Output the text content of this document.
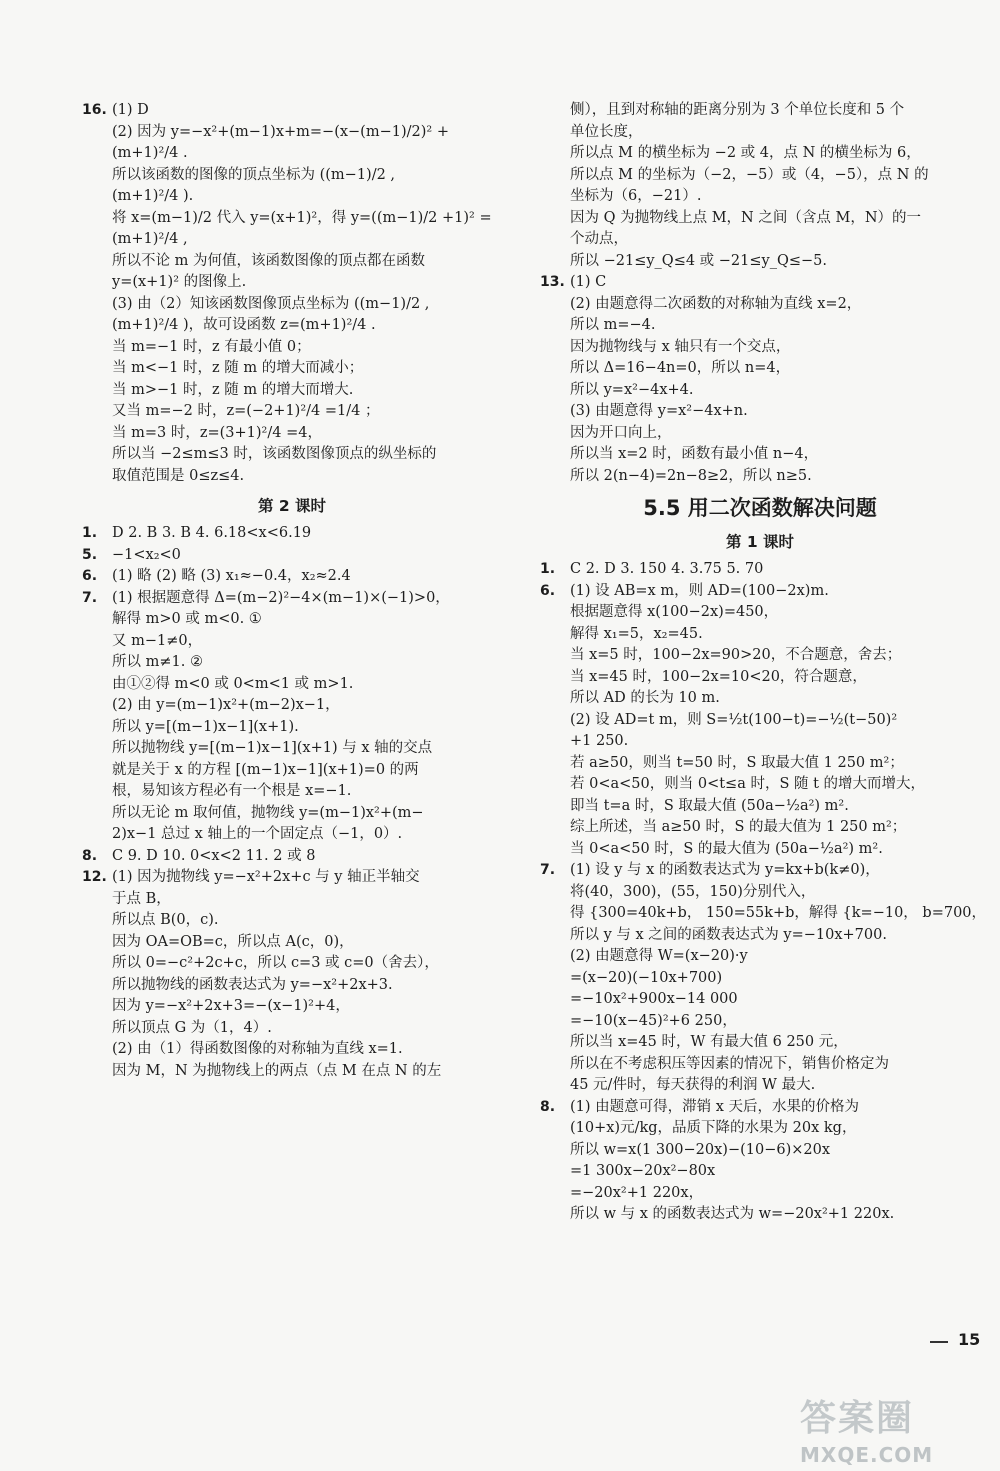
16. (1) D
(2) 因为 y=−x²+(m−1)x+m=−(x−(m−1)/2)² +
(m+1)²/4 .
所以该函数的图像的顶点坐标为 ((m−1)/2 ,
(m+1)²/4 ).
将 x=(m−1)/2 代入 y=(x+1)²，得 y=((m−1)/2 +1)² =
(m+1)²/4 ,
所以不论 m 为何值，该函数图像的顶点都在函数
y=(x+1)² 的图像上.
(3) 由（2）知该函数图像顶点坐标为 ((m−1)/2 ,
(m+1)²/4 )，故可设函数 z=(m+1)²/4 .
当 m=−1 时，z 有最小值 0；
当 m<−1 时，z 随 m 的增大而减小；
当 m>−1 时，z 随 m 的增大而增大.
又当 m=−2 时，z=(−2+1)²/4 =1/4 ；
当 m=3 时，z=(3+1)²/4 =4，
所以当 −2≤m≤3 时，该函数图像顶点的纵坐标的
取值范围是 0≤z≤4.
第 2 课时
1. D 2. B 3. B 4. 6.18<x<6.19
5. −1<x₂<0
6. (1) 略 (2) 略 (3) x₁≈−0.4，x₂≈2.4
7. (1) 根据题意得 Δ=(m−2)²−4×(m−1)×(−1)>0，
解得 m>0 或 m<0. ①
又 m−1≠0，
所以 m≠1. ②
由①②得 m<0 或 0<m<1 或 m>1.
(2) 由 y=(m−1)x²+(m−2)x−1，
所以 y=[(m−1)x−1](x+1).
所以抛物线 y=[(m−1)x−1](x+1) 与 x 轴的交点
就是关于 x 的方程 [(m−1)x−1](x+1)=0 的两
根，易知该方程必有一个根是 x=−1.
所以无论 m 取何值，抛物线 y=(m−1)x²+(m−
2)x−1 总过 x 轴上的一个固定点（−1，0）.
8. C 9. D 10. 0<x<2 11. 2 或 8
12. (1) 因为抛物线 y=−x²+2x+c 与 y 轴正半轴交
于点 B，
所以点 B(0，c).
因为 OA=OB=c，所以点 A(c，0)，
所以 0=−c²+2c+c，所以 c=3 或 c=0（舍去），
所以抛物线的函数表达式为 y=−x²+2x+3.
因为 y=−x²+2x+3=−(x−1)²+4，
所以顶点 G 为（1，4）.
(2) 由（1）得函数图像的对称轴为直线 x=1.
因为 M，N 为抛物线上的两点（点 M 在点 N 的左
侧），且到对称轴的距离分别为 3 个单位长度和 5 个
单位长度，
所以点 M 的横坐标为 −2 或 4，点 N 的横坐标为 6，
所以点 M 的坐标为（−2，−5）或（4，−5），点 N 的
坐标为（6，−21）.
因为 Q 为抛物线上点 M，N 之间（含点 M，N）的一
个动点，
所以 −21≤y_Q≤4 或 −21≤y_Q≤−5.
13. (1) C
(2) 由题意得二次函数的对称轴为直线 x=2，
所以 m=−4.
因为抛物线与 x 轴只有一个交点，
所以 Δ=16−4n=0，所以 n=4，
所以 y=x²−4x+4.
(3) 由题意得 y=x²−4x+n.
因为开口向上，
所以当 x=2 时，函数有最小值 n−4，
所以 2(n−4)=2n−8≥2，所以 n≥5.
5.5 用二次函数解决问题
第 1 课时
1. C 2. D 3. 150 4. 3.75 5. 70
6. (1) 设 AB=x m，则 AD=(100−2x)m.
根据题意得 x(100−2x)=450，
解得 x₁=5，x₂=45.
当 x=5 时，100−2x=90>20，不合题意，舍去；
当 x=45 时，100−2x=10<20，符合题意，
所以 AD 的长为 10 m.
(2) 设 AD=t m，则 S=½t(100−t)=−½(t−50)²
+1 250.
若 a≥50，则当 t=50 时，S 取最大值 1 250 m²；
若 0<a<50，则当 0<t≤a 时，S 随 t 的增大而增大，
即当 t=a 时，S 取最大值 (50a−½a²) m².
综上所述，当 a≥50 时，S 的最大值为 1 250 m²；
当 0<a<50 时，S 的最大值为 (50a−½a²) m².
7. (1) 设 y 与 x 的函数表达式为 y=kx+b(k≠0)，
将(40，300)，(55，150)分别代入，
得 {300=40k+b， 150=55k+b，解得 {k=−10， b=700，
所以 y 与 x 之间的函数表达式为 y=−10x+700.
(2) 由题意得 W=(x−20)·y
=(x−20)(−10x+700)
=−10x²+900x−14 000
=−10(x−45)²+6 250，
所以当 x=45 时，W 有最大值 6 250 元，
所以在不考虑积压等因素的情况下，销售价格定为
45 元/件时，每天获得的利润 W 最大.
8. (1) 由题意可得，滞销 x 天后，水果的价格为
(10+x)元/kg，品质下降的水果为 20x kg，
所以 w=x(1 300−20x)−(10−6)×20x
=1 300x−20x²−80x
=−20x²+1 220x，
所以 w 与 x 的函数表达式为 w=−20x²+1 220x.
15
答案圈
MXQE.COM
